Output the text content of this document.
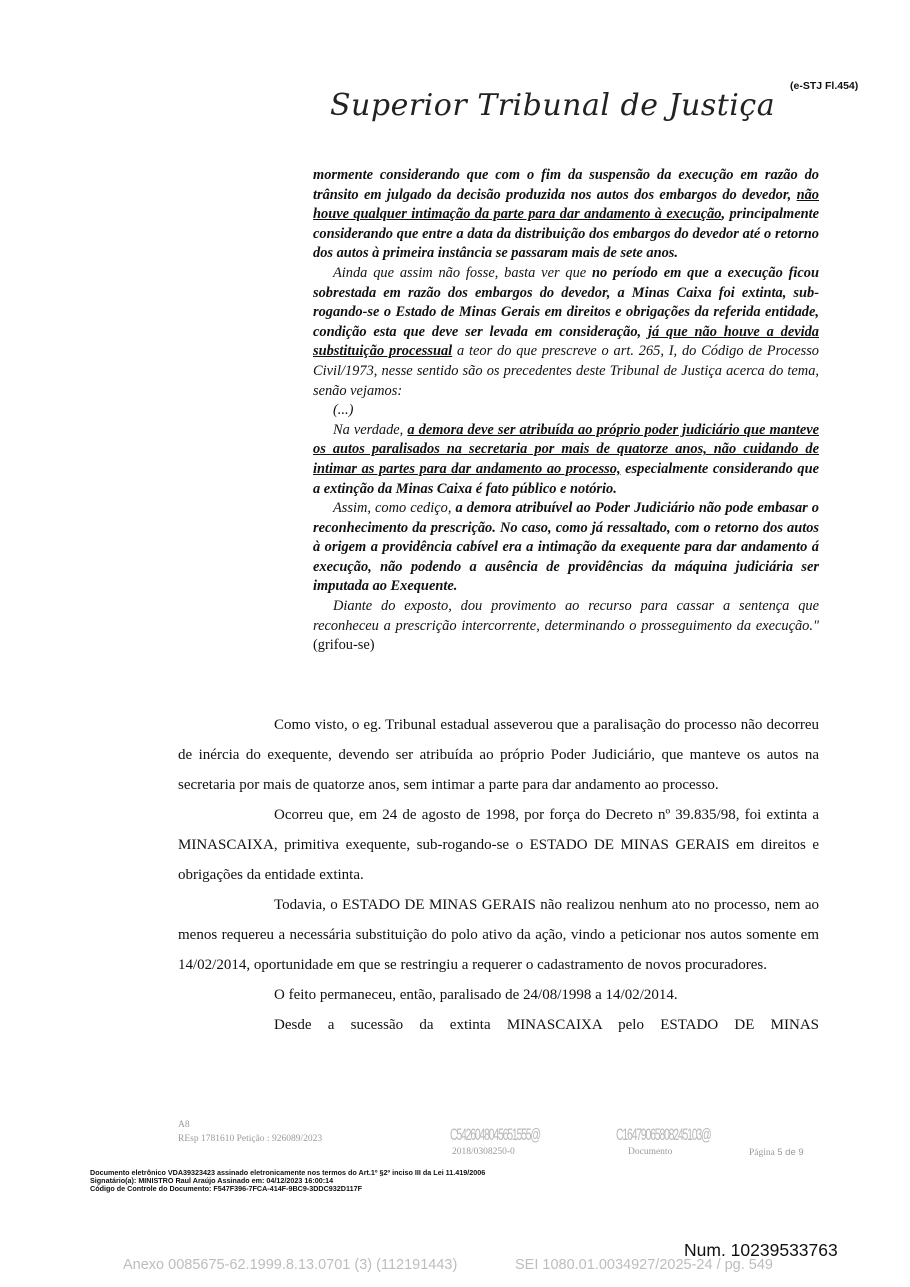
(e-STJ Fl.454)
Superior Tribunal de Justiça

mormente considerando que com o fim da suspensão da execução em razão do trânsito em julgado da decisão produzida nos autos dos embargos do devedor, não houve qualquer intimação da parte para dar andamento à execução, principalmente considerando que entre a data da distribuição dos embargos do devedor até o retorno dos autos à primeira instância se passaram mais de sete anos.

Ainda que assim não fosse, basta ver que no período em que a execução ficou sobrestada em razão dos embargos do devedor, a Minas Caixa foi extinta, sub-rogando-se o Estado de Minas Gerais em direitos e obrigações da referida entidade, condição esta que deve ser levada em consideração, já que não houve a devida substituição processual a teor do que prescreve o art. 265, I, do Código de Processo Civil/1973, nesse sentido são os precedentes deste Tribunal de Justiça acerca do tema, senão vejamos:

(...)

Na verdade, a demora deve ser atribuída ao próprio poder judiciário que manteve os autos paralisados na secretaria por mais de quatorze anos, não cuidando de intimar as partes para dar andamento ao processo, especialmente considerando que a extinção da Minas Caixa é fato público e notório.

Assim, como cediço, a demora atribuível ao Poder Judiciário não pode embasar o reconhecimento da prescrição. No caso, como já ressaltado, com o retorno dos autos à origem a providência cabível era a intimação da exequente para dar andamento á execução, não podendo a ausência de providências da máquina judiciária ser imputada ao Exequente.

Diante do exposto, dou provimento ao recurso para cassar a sentença que reconheceu a prescrição intercorrente, determinando o prosseguimento da execução." (grifou-se)

Como visto, o eg. Tribunal estadual asseverou que a paralisação do processo não decorreu de inércia do exequente, devendo ser atribuída ao próprio Poder Judiciário, que manteve os autos na secretaria por mais de quatorze anos, sem intimar a parte para dar andamento ao processo.

Ocorreu que, em 24 de agosto de 1998, por força do Decreto nº 39.835/98, foi extinta a MINASCAIXA, primitiva exequente, sub-rogando-se o ESTADO DE MINAS GERAIS em direitos e obrigações da entidade extinta.

Todavia, o ESTADO DE MINAS GERAIS não realizou nenhum ato no processo, nem ao menos requereu a necessária substituição do polo ativo da ação, vindo a peticionar nos autos somente em 14/02/2014, oportunidade em que se restringiu a requerer o cadastramento de novos procuradores.

O feito permaneceu, então, paralisado de 24/08/1998 a 14/02/2014.

Desde a sucessão da extinta MINASCAIXA pelo ESTADO DE MINAS

A8
REsp 1781610 Petição : 926089/2023	C5426048045651555@
2018/0308250-0
C16479065808245103@
Documento	Página 5 de 9
Documento eletrônico VDA39323423 assinado eletronicamente nos termos do Art.1º §2º inciso III da Lei 11.419/2006
Signatário(a): MINISTRO Raul Araújo Assinado em: 04/12/2023 16:00:14
Código de Controle do Documento: F547F396-7FCA-414F-9BC9-3DDC932D117F
Num. 10239533763
Anexo 0085675-62.1999.8.13.0701 (3) (112191443)	SEI 1080.01.0034927/2025-24 / pg. 549
